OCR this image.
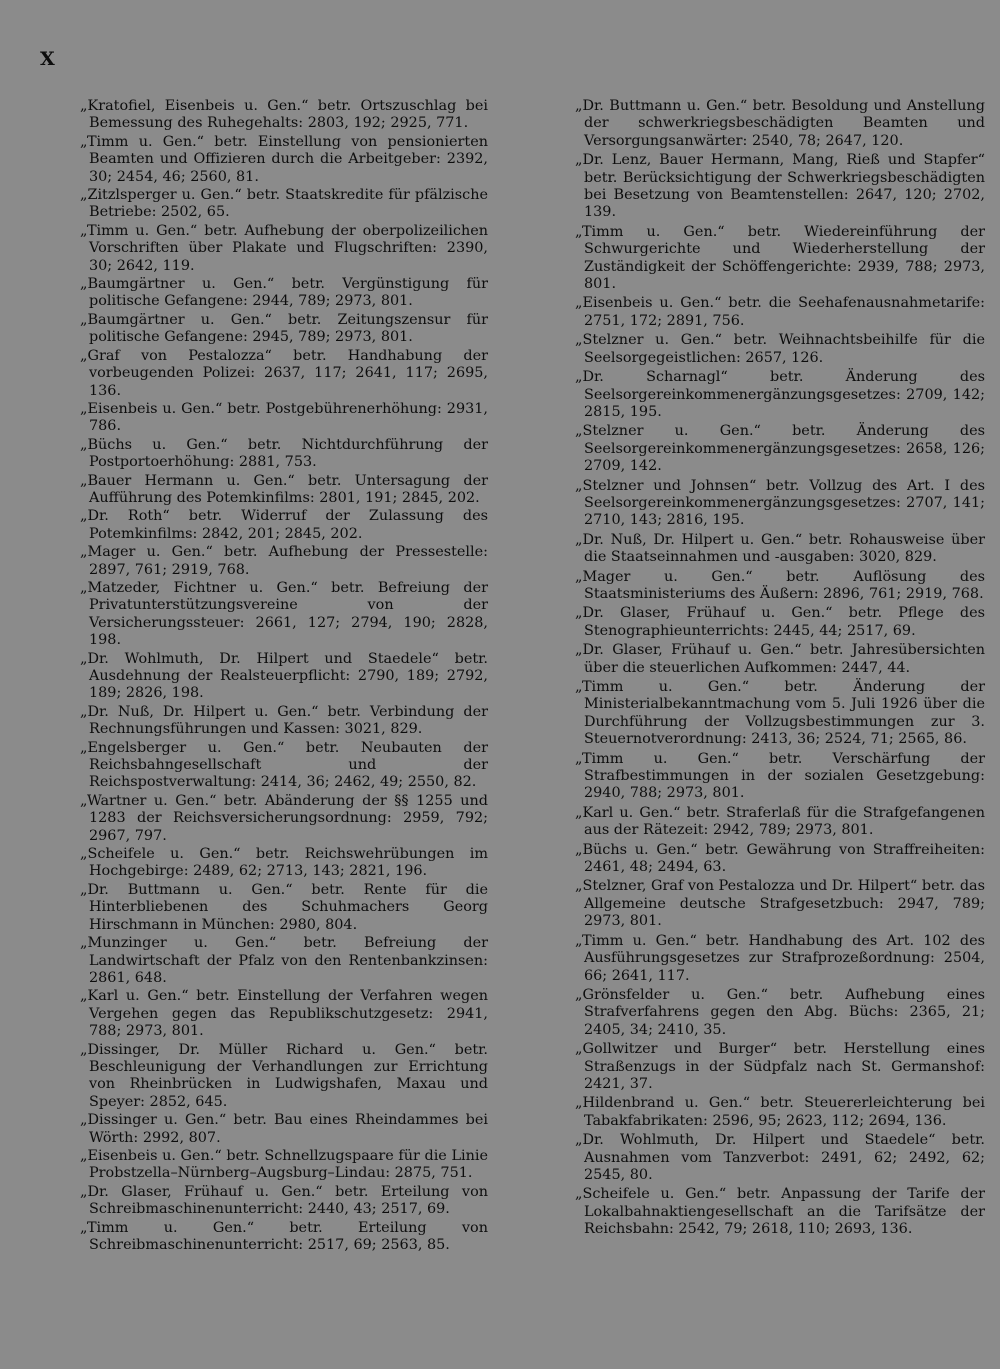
X

„Kratofiel, Eisenbeis u. Gen.“ betr. Ortszuschlag bei Bemessung des Ruhegehalts: 2803, 192; 2925, 771.

„Timm u. Gen.“ betr. Einstellung von pensionierten Beamten und Offizieren durch die Arbeitgeber: 2392, 30; 2454, 46; 2560, 81.

„Zitzlsperger u. Gen.“ betr. Staatskredite für pfälzische Betriebe: 2502, 65.

„Timm u. Gen.“ betr. Aufhebung der oberpolizeilichen Vorschriften über Plakate und Flugschriften: 2390, 30; 2642, 119.

„Baumgärtner u. Gen.“ betr. Vergünstigung für politische Gefangene: 2944, 789; 2973, 801.

„Baumgärtner u. Gen.“ betr. Zeitungszensur für politische Gefangene: 2945, 789; 2973, 801.

„Graf von Pestalozza“ betr. Handhabung der vorbeugenden Polizei: 2637, 117; 2641, 117; 2695, 136.

„Eisenbeis u. Gen.“ betr. Postgebührenerhöhung: 2931, 786.

„Büchs u. Gen.“ betr. Nichtdurchführung der Postportoerhöhung: 2881, 753.

„Bauer Hermann u. Gen.“ betr. Untersagung der Aufführung des Potemkinfilms: 2801, 191; 2845, 202.

„Dr. Roth“ betr. Widerruf der Zulassung des Potemkinfilms: 2842, 201; 2845, 202.

„Mager u. Gen.“ betr. Aufhebung der Pressestelle: 2897, 761; 2919, 768.

„Matzeder, Fichtner u. Gen.“ betr. Befreiung der Privatunterstützungsvereine von der Versicherungssteuer: 2661, 127; 2794, 190; 2828, 198.

„Dr. Wohlmuth, Dr. Hilpert und Staedele“ betr. Ausdehnung der Realsteuerpflicht: 2790, 189; 2792, 189; 2826, 198.

„Dr. Nuß, Dr. Hilpert u. Gen.“ betr. Verbindung der Rechnungsführungen und Kassen: 3021, 829.

„Engelsberger u. Gen.“ betr. Neubauten der Reichsbahngesellschaft und der Reichspostverwaltung: 2414, 36; 2462, 49; 2550, 82.

„Wartner u. Gen.“ betr. Abänderung der §§ 1255 und 1283 der Reichsversicherungsordnung: 2959, 792; 2967, 797.

„Scheifele u. Gen.“ betr. Reichswehrübungen im Hochgebirge: 2489, 62; 2713, 143; 2821, 196.

„Dr. Buttmann u. Gen.“ betr. Rente für die Hinterbliebenen des Schuhmachers Georg Hirschmann in München: 2980, 804.

„Munzinger u. Gen.“ betr. Befreiung der Landwirtschaft der Pfalz von den Rentenbankzinsen: 2861, 648.

„Karl u. Gen.“ betr. Einstellung der Verfahren wegen Vergehen gegen das Republikschutzgesetz: 2941, 788; 2973, 801.

„Dissinger, Dr. Müller Richard u. Gen.“ betr. Beschleunigung der Verhandlungen zur Errichtung von Rheinbrücken in Ludwigshafen, Maxau und Speyer: 2852, 645.

„Dissinger u. Gen.“ betr. Bau eines Rheindammes bei Wörth: 2992, 807.

„Eisenbeis u. Gen.“ betr. Schnellzugspaare für die Linie Probstzella–Nürnberg–Augsburg–Lindau: 2875, 751.

„Dr. Glaser, Frühauf u. Gen.“ betr. Erteilung von Schreibmaschinenunterricht: 2440, 43; 2517, 69.

„Timm u. Gen.“ betr. Erteilung von Schreibmaschinenunterricht: 2517, 69; 2563, 85.

„Dr. Buttmann u. Gen.“ betr. Besoldung und Anstellung der schwerkriegsbeschädigten Beamten und Versorgungsanwärter: 2540, 78; 2647, 120.

„Dr. Lenz, Bauer Hermann, Mang, Rieß und Stapfer“ betr. Berücksichtigung der Schwerkriegsbeschädigten bei Besetzung von Beamtenstellen: 2647, 120; 2702, 139.

„Timm u. Gen.“ betr. Wiedereinführung der Schwurgerichte und Wiederherstellung der Zuständigkeit der Schöffengerichte: 2939, 788; 2973, 801.

„Eisenbeis u. Gen.“ betr. die Seehafenausnahmetarife: 2751, 172; 2891, 756.

„Stelzner u. Gen.“ betr. Weihnachtsbeihilfe für die Seelsorgegeistlichen: 2657, 126.

„Dr. Scharnagl“ betr. Änderung des Seelsorgereinkommenergänzungsgesetzes: 2709, 142; 2815, 195.

„Stelzner u. Gen.“ betr. Änderung des Seelsorgereinkommenergänzungsgesetzes: 2658, 126; 2709, 142.

„Stelzner und Johnsen“ betr. Vollzug des Art. I des Seelsorgereinkommenergänzungsgesetzes: 2707, 141; 2710, 143; 2816, 195.

„Dr. Nuß, Dr. Hilpert u. Gen.“ betr. Rohausweise über die Staatseinnahmen und -ausgaben: 3020, 829.

„Mager u. Gen.“ betr. Auflösung des Staatsministeriums des Äußern: 2896, 761; 2919, 768.

„Dr. Glaser, Frühauf u. Gen.“ betr. Pflege des Stenographieunterrichts: 2445, 44; 2517, 69.

„Dr. Glaser, Frühauf u. Gen.“ betr. Jahresübersichten über die steuerlichen Aufkommen: 2447, 44.

„Timm u. Gen.“ betr. Änderung der Ministerialbekanntmachung vom 5. Juli 1926 über die Durchführung der Vollzugsbestimmungen zur 3. Steuernotverordnung: 2413, 36; 2524, 71; 2565, 86.

„Timm u. Gen.“ betr. Verschärfung der Strafbestimmungen in der sozialen Gesetzgebung: 2940, 788; 2973, 801.

„Karl u. Gen.“ betr. Straferlaß für die Strafgefangenen aus der Rätezeit: 2942, 789; 2973, 801.

„Büchs u. Gen.“ betr. Gewährung von Straffreiheiten: 2461, 48; 2494, 63.

„Stelzner, Graf von Pestalozza und Dr. Hilpert“ betr. das Allgemeine deutsche Strafgesetzbuch: 2947, 789; 2973, 801.

„Timm u. Gen.“ betr. Handhabung des Art. 102 des Ausführungsgesetzes zur Strafprozeßordnung: 2504, 66; 2641, 117.

„Grönsfelder u. Gen.“ betr. Aufhebung eines Strafverfahrens gegen den Abg. Büchs: 2365, 21; 2405, 34; 2410, 35.

„Gollwitzer und Burger“ betr. Herstellung eines Straßenzugs in der Südpfalz nach St. Germanshof: 2421, 37.

„Hildenbrand u. Gen.“ betr. Steuererleichterung bei Tabakfabrikaten: 2596, 95; 2623, 112; 2694, 136.

„Dr. Wohlmuth, Dr. Hilpert und Staedele“ betr. Ausnahmen vom Tanzverbot: 2491, 62; 2492, 62; 2545, 80.

„Scheifele u. Gen.“ betr. Anpassung der Tarife der Lokalbahnaktiengesellschaft an die Tarifsätze der Reichsbahn: 2542, 79; 2618, 110; 2693, 136.
